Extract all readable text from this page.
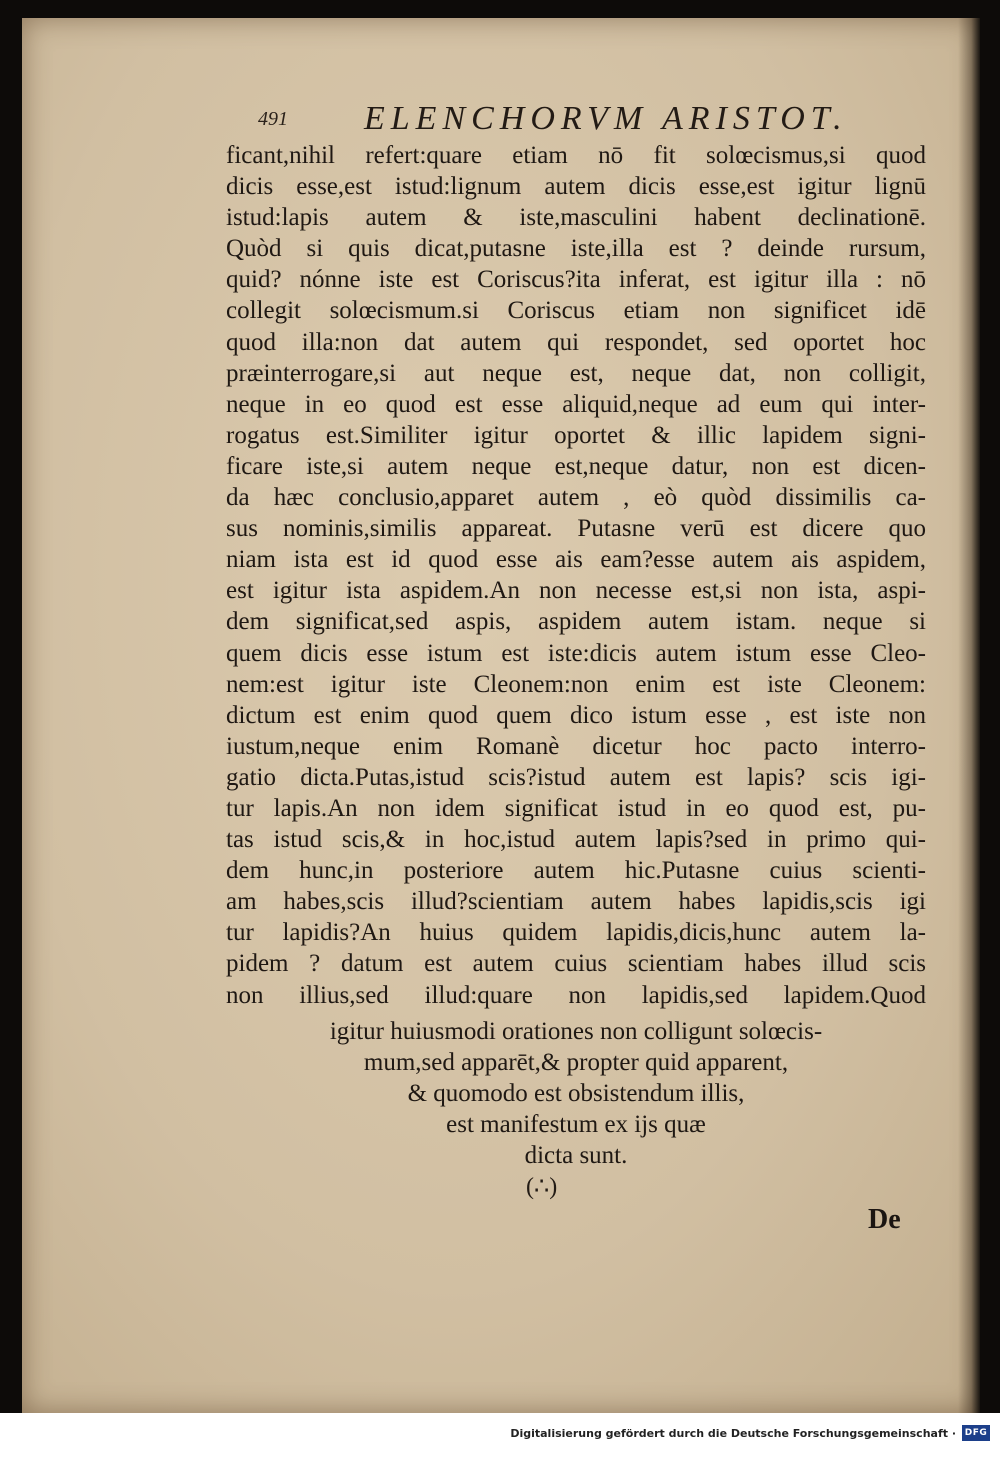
491 ELENCHORVM ARISTOT.
ficant,nihil refert:quare etiam nō fit solœcismus,si quod
dicis esse,est istud:lignum autem dicis esse,est igitur lignū
istud:lapis autem & iste,masculini habent declinationē.
Quòd si quis dicat,putasne iste,illa est ? deinde rursum,
quid? nónne iste est Coriscus?ita inferat, est igitur illa : nō
collegit solœcismum.si Coriscus etiam non significet idē
quod illa:non dat autem qui respondet, sed oportet hoc
præinterrogare,si aut neque est, neque dat, non colligit,
neque in eo quod est esse aliquid,neque ad eum qui inter-
rogatus est.Similiter igitur oportet & illic lapidem signi-
ficare iste,si autem neque est,neque datur, non est dicen-
da hæc conclusio,apparet autem , eò quòd dissimilis ca-
sus nominis,similis appareat. Putasne verū est dicere quo
niam ista est id quod esse ais eam?esse autem ais aspidem,
est igitur ista aspidem.An non necesse est,si non ista, aspi-
dem significat,sed aspis, aspidem autem istam. neque si
quem dicis esse istum est iste:dicis autem istum esse Cleo-
nem:est igitur iste Cleonem:non enim est iste Cleonem:
dictum est enim quod quem dico istum esse , est iste non
iustum,neque enim Romanè dicetur hoc pacto interro-
gatio dicta.Putas,istud scis?istud autem est lapis? scis igi-
tur lapis.An non idem significat istud in eo quod est, pu-
tas istud scis,& in hoc,istud autem lapis?sed in primo qui-
dem hunc,in posteriore autem hic.Putasne cuius scienti-
am habes,scis illud?scientiam autem habes lapidis,scis igi
tur lapidis?An huius quidem lapidis,dicis,hunc autem la-
pidem ? datum est autem cuius scientiam habes illud scis
non illius,sed illud:quare non lapidis,sed lapidem.Quod
igitur huiusmodi orationes non colligunt solœcis-
mum,sed apparēt,& propter quid apparent,
& quomodo est obsistendum illis,
est manifestum ex ijs quæ
dicta sunt.
(∴)
De
Digitalisierung gefördert durch die Deutsche Forschungsgemeinschaft · DFG
